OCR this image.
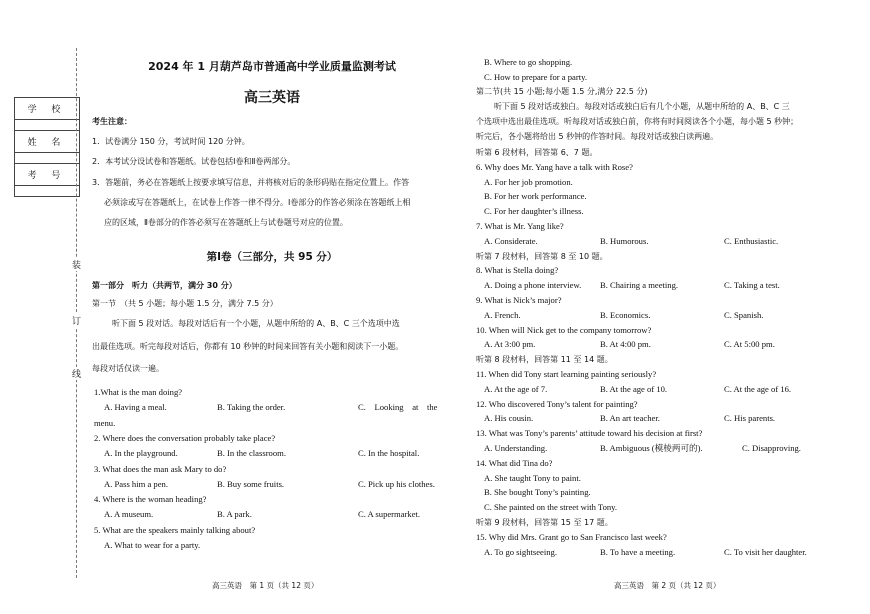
学 校
姓 名
考 号
装
订
线
2024 年 1 月葫芦岛市普通高中学业质量监测考试
高三英语
考生注意：
1．试卷满分 150 分，考试时间 120 分钟。
2．本考试分设试卷和答题纸。试卷包括Ⅰ卷和Ⅱ卷两部分。
3．答题前，务必在答题纸上按要求填写信息，并将核对后的条形码贴在指定位置上。作答
必须涂或写在答题纸上，在试卷上作答一律不得分。Ⅰ卷部分的作答必须涂在答题纸上相
应的区域，Ⅱ卷部分的作答必须写在答题纸上与试卷题号对应的位置。
第Ⅰ卷（三部分，共 95 分）
第一部分　听力（共两节，满分 30 分）
第一节　（共 5 小题；每小题 1.5 分，满分 7.5 分）
听下面 5 段对话。每段对话后有一个小题，从题中所给的 A、B、C 三个选项中选
出最佳选项。听完每段对话后，你都有 10 秒钟的时间来回答有关小题和阅读下一小题。
每段对话仅读一遍。
1.What is the man doing?
A. Having a meal.	B. Taking the order.	C.　Looking　at　the
menu.
2. Where does the conversation probably take place?
A. In the playground.	B. In the classroom.	C. In the hospital.
3. What does the man ask Mary to do?
A. Pass him a pen.	B. Buy some fruits.	C. Pick up his clothes.
4. Where is the woman heading?
A. A museum.	B. A park.	C. A supermarket.
5. What are the speakers mainly talking about?
A. What to wear for a party.
B. Where to go shopping.
C. How to prepare for a party.
第二节(共 15 小题;每小题 1.5 分,满分 22.5 分)
听下面 5 段对话或独白。每段对话或独白后有几个小题，从题中所给的 A、B、C 三
个选项中选出最佳选项。听每段对话或独白前，你将有时间阅读各个小题，每小题 5 秒钟；
听完后，各小题将给出 5 秒钟的作答时间。每段对话或独白读两遍。
听第 6 段材料，回答第 6、7 题。
6. Why does Mr. Yang have a talk with Rose?
A. For her job promotion.
B. For her work performance.
C. For her daughter’s illness.
7. What is Mr. Yang like?
A. Considerate.	B. Humorous.	C. Enthusiastic.
听第 7 段材料，回答第 8 至 10 题。
8. What is Stella doing?
A. Doing a phone interview. B. Chairing a meeting.	C. Taking a test.
9. What is Nick’s major?
A. French.	B. Economics.	C. Spanish.
10. When will Nick get to the company tomorrow?
A. At 3:00 pm.	B. At 4:00 pm.	C. At 5:00 pm.
听第 8 段材料，回答第 11 至 14 题。
11. When did Tony start learning painting seriously?
A. At the age of 7.	B. At the age of 10.	C. At the age of 16.
12. Who discovered Tony’s talent for painting?
A. His cousin.	B. An art teacher.	C. His parents.
13. What was Tony’s parents’ attitude toward his decision at first?
A. Understanding.	B. Ambiguous (模棱两可的).	C. Disapproving.
14. What did Tina do?
A. She taught Tony to paint.
B. She bought Tony’s painting.
C. She painted on the street with Tony.
听第 9 段材料，回答第 15 至 17 题。
15. Why did Mrs. Grant go to San Francisco last week?
A. To go sightseeing.	B. To have a meeting.	C. To visit her daughter.
高三英语　第 1 页（共 12 页）	高三英语　第 2 页（共 12 页）
